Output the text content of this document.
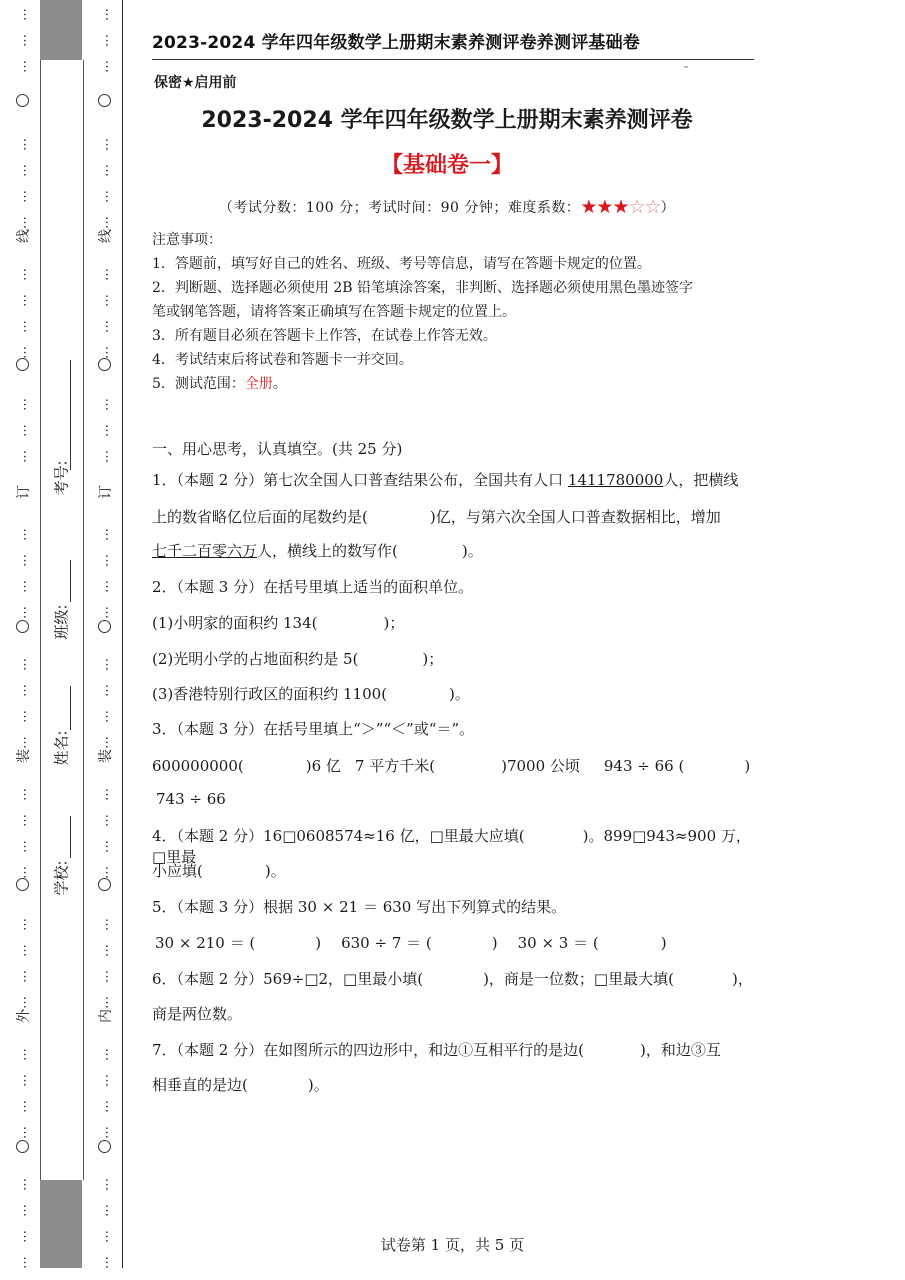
…
…
…
…
…
…
…
…
…
…
…
…
…
…
…
…
…
…
…
…
…
…
…
…
…
…
…
…
…
…
…
…
…
…
…
…
…
…
线
订
装
外
考号:
班级:
姓名:
学校:
…
…
…
…
…
…
…
…
…
…
…
…
…
…
…
…
…
…
…
…
…
…
…
…
…
…
…
…
…
…
…
…
…
…
…
…
…
…
线
订
装
内
2023-2024 学年四年级数学上册期末素养测评卷养测评基础卷
保密★启用前
2023-2024 学年四年级数学上册期末素养测评卷
【基础卷一】
（考试分数：100 分；考试时间：90 分钟；难度系数：★★★☆☆）
注意事项：
1．答题前，填写好自己的姓名、班级、考号等信息，请写在答题卡规定的位置。
2．判断题、选择题必须使用 2B 铅笔填涂答案，非判断、选择题必须使用黑色墨迹签字
笔或钢笔答题，请将答案正确填写在答题卡规定的位置上。
3．所有题目必须在答题卡上作答，在试卷上作答无效。
4．考试结束后将试卷和答题卡一并交回。
5．测试范围：全册。
一、用心思考，认真填空。(共 25 分)
1．（本题 2 分）第七次全国人口普查结果公布，全国共有人口 1411780000人，把横线
上的数省略亿位后面的尾数约是(	)亿，与第六次全国人口普查数据相比，增加
七千二百零六万人，横线上的数写作(	)。
2．（本题 3 分）在括号里填上适当的面积单位。
(1)小明家的面积约 134(	)；
(2)光明小学的占地面积约是 5(	)；
(3)香港特别行政区的面积约 1100(	)。
3．（本题 3 分）在括号里填上“＞”“＜”或“＝”。
600000000(	)6 亿 7 平方千米(	)7000 公顷 943 ÷ 66 (	)
743 ÷ 66
4．（本题 2 分）16□0608574≈16 亿，□里最大应填(	)。899□943≈900 万，□里最
小应填(	)。
5．（本题 3 分）根据 30 × 21 ＝ 630 写出下列算式的结果。
30 × 210 ＝ (	) 630 ÷ 7 ＝ (	) 30 × 3 ＝ (	)
6．（本题 2 分）569÷□2，□里最小填(	)，商是一位数；□里最大填(	)，
商是两位数。
7．（本题 2 分）在如图所示的四边形中，和边①互相平行的是边(	)，和边③互
相垂直的是边(	)。
试卷第 1 页，共 5 页
